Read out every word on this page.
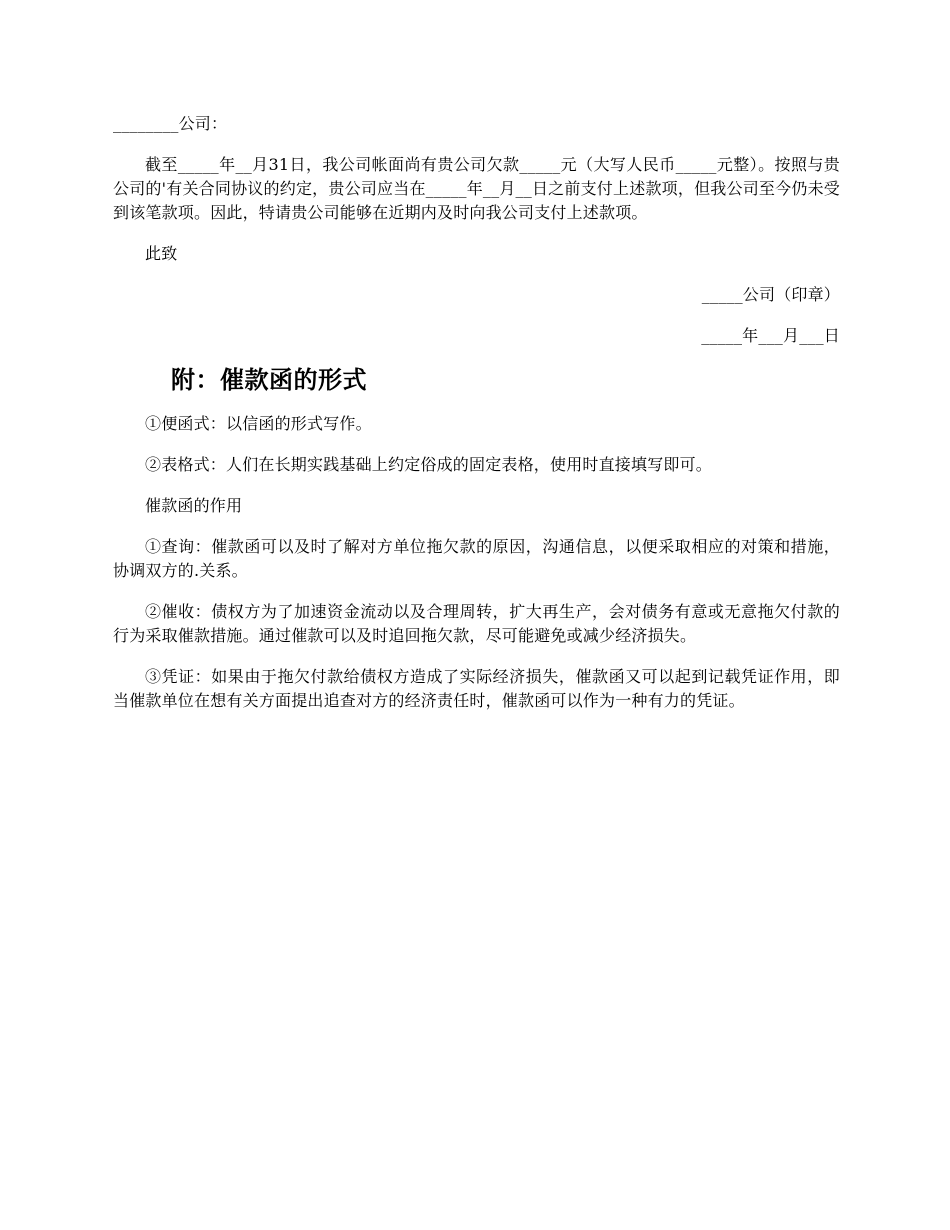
________公司：

截至_____年__月31日，我公司帐面尚有贵公司欠款_____元（大写人民币_____元整）。按照与贵公司的'有关合同协议的约定，贵公司应当在_____年__月__日之前支付上述款项，但我公司至今仍未受到该笔款项。因此，特请贵公司能够在近期内及时向我公司支付上述款项。

此致

_____公司（印章）

_____年___月___日

附：催款函的形式

①便函式：以信函的形式写作。

②表格式：人们在长期实践基础上约定俗成的固定表格，使用时直接填写即可。

催款函的作用

①查询：催款函可以及时了解对方单位拖欠款的原因，沟通信息，以便采取相应的对策和措施，协调双方的.关系。

②催收：债权方为了加速资金流动以及合理周转，扩大再生产，会对债务有意或无意拖欠付款的行为采取催款措施。通过催款可以及时追回拖欠款，尽可能避免或减少经济损失。

③凭证：如果由于拖欠付款给债权方造成了实际经济损失，催款函又可以起到记载凭证作用，即当催款单位在想有关方面提出追查对方的经济责任时，催款函可以作为一种有力的凭证。
